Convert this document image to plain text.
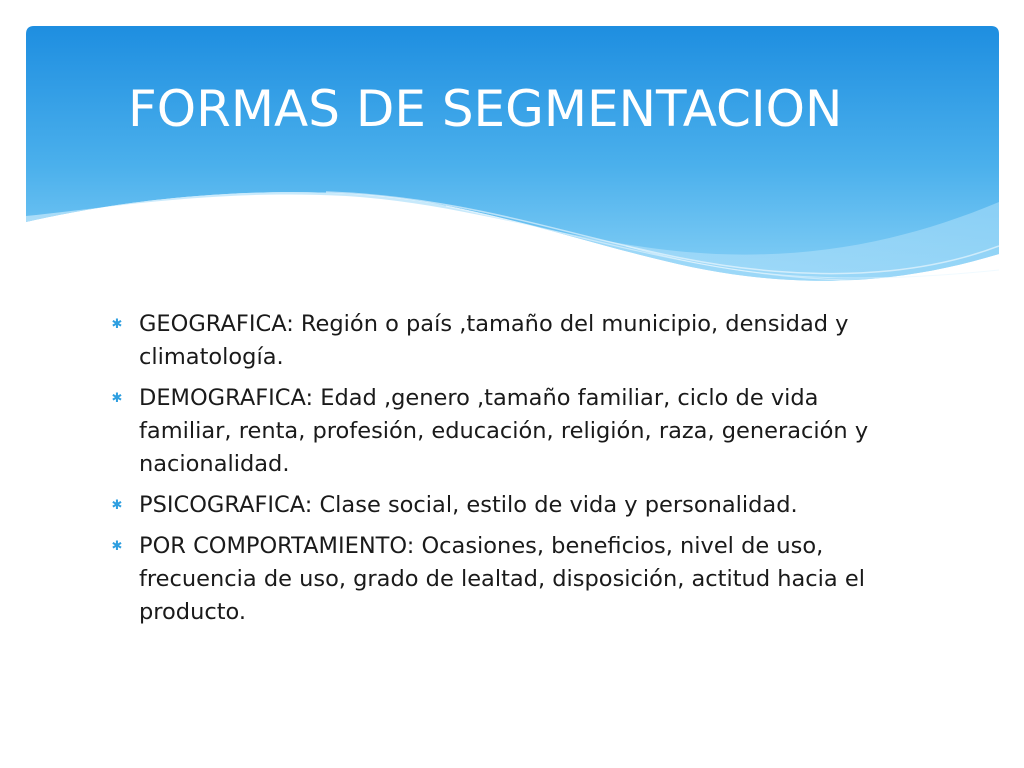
FORMAS DE SEGMENTACION
✱ GEOGRAFICA: Región o país ,tamaño del municipio, densidad y climatología.
✱ DEMOGRAFICA: Edad ,genero ,tamaño familiar, ciclo de vida familiar, renta, profesión, educación, religión, raza, generación y nacionalidad.
✱ PSICOGRAFICA: Clase social, estilo de vida y personalidad.
✱ POR COMPORTAMIENTO: Ocasiones, beneficios, nivel de uso, frecuencia de uso, grado de lealtad, disposición, actitud hacia el producto.
